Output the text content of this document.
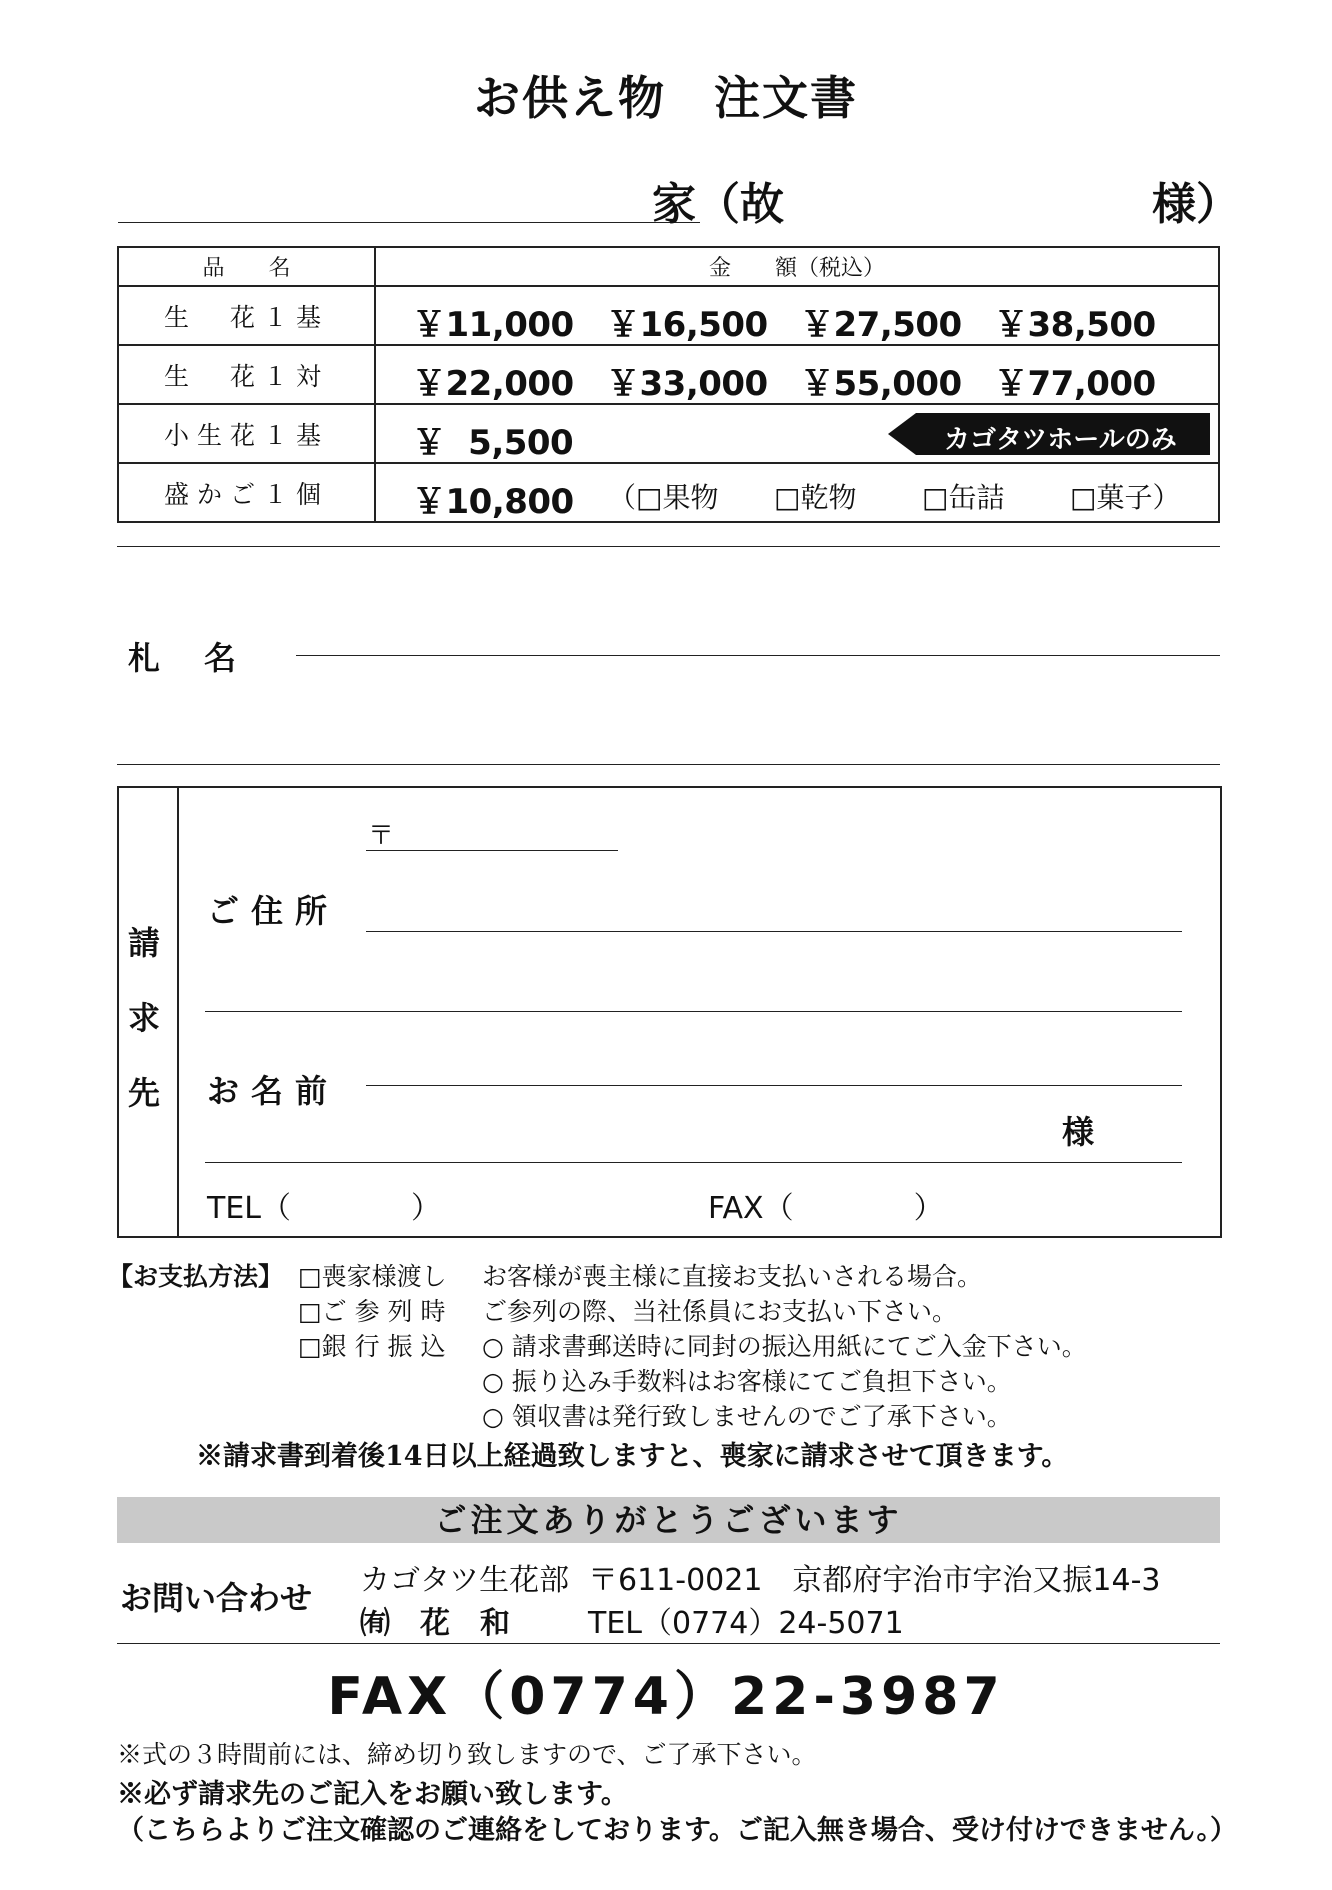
お供え物　注文書
家（故	様）
品　　名	金　　額（税込）
生　花１基	￥11,000 ￥16,500 ￥27,500 ￥38,500

生　花１対	￥22,000 ￥33,000 ￥55,000 ￥77,000

小生花１基	￥  5,500 カゴタツホールのみ

盛かご１個	￥10,800 （□果物 □乾物 □缶詰 □菓子）
札名
請
求
先
〒
ご住所
お名前
様
TEL（　　　　）	FAX（　　　　）
【お支払方法】 □喪家様渡し お客様が喪主様に直接お支払いされる場合。
□ご 参 列 時 ご参列の際、当社係員にお支払い下さい。
□銀 行 振 込 ○ 請求書郵送時に同封の振込用紙にてご入金下さい。
○ 振り込み手数料はお客様にてご負担下さい。
○ 領収書は発行致しませんのでご了承下さい。
※請求書到着後14日以上経過致しますと、喪家に請求させて頂きます。
ご注文ありがとうございます
お問い合わせ カゴタツ生花部
㈲　花　和
〒611-0021　京都府宇治市宇治又振14-3
TEL（0774）24-5071
FAX（0774）22-3987
※式の３時間前には、締め切り致しますので、ご了承下さい。
※必ず請求先のご記入をお願い致します。
（こちらよりご注文確認のご連絡をしております。ご記入無き場合、受け付けできません。）
